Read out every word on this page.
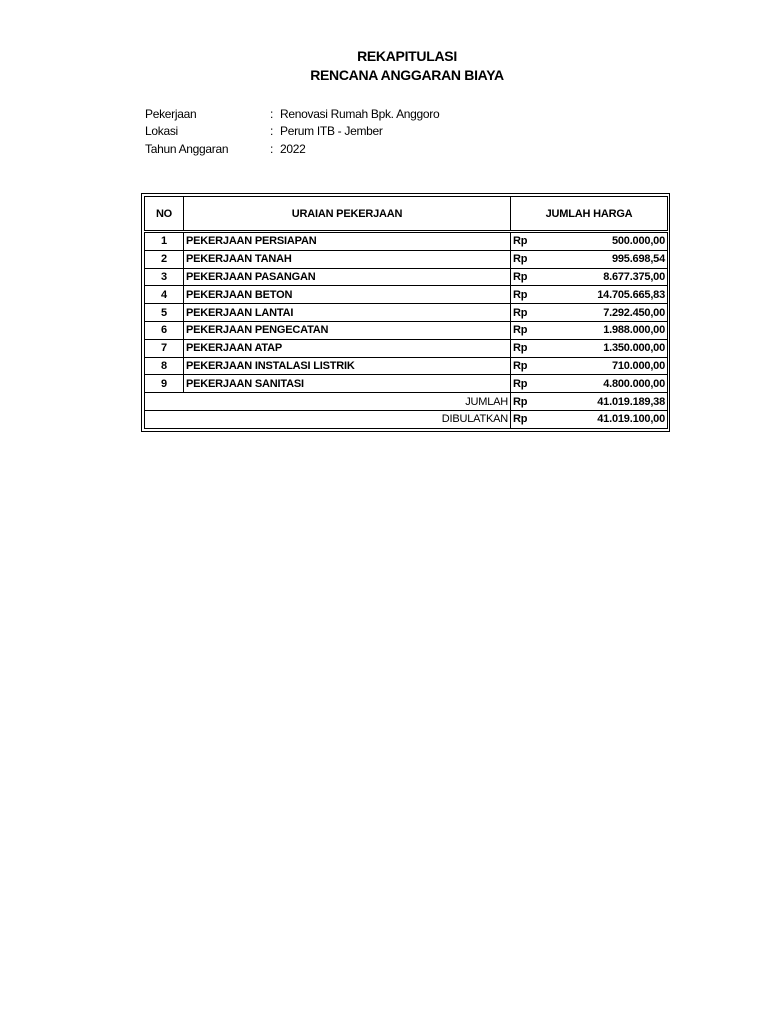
REKAPITULASI
RENCANA ANGGARAN BIAYA
Pekerjaan	: Renovasi Rumah Bpk. Anggoro
Lokasi	: Perum ITB - Jember
Tahun Anggaran	: 2022
NO	URAIAN PEKERJAAN	JUMLAH HARGA	
1	PEKERJAAN PERSIAPAN	Rp	500.000,00
2	PEKERJAAN TANAH	Rp	995.698,54
3	PEKERJAAN PASANGAN	Rp	8.677.375,00
4	PEKERJAAN BETON	Rp	14.705.665,83
5	PEKERJAAN LANTAI	Rp	7.292.450,00
6	PEKERJAAN PENGECATAN	Rp	1.988.000,00
7	PEKERJAAN ATAP	Rp	1.350.000,00
8	PEKERJAAN INSTALASI LISTRIK	Rp	710.000,00
9	PEKERJAAN SANITASI	Rp	4.800.000,00
JUMLAH		Rp	41.019.189,38
DIBULATKAN		Rp	41.019.100,00
